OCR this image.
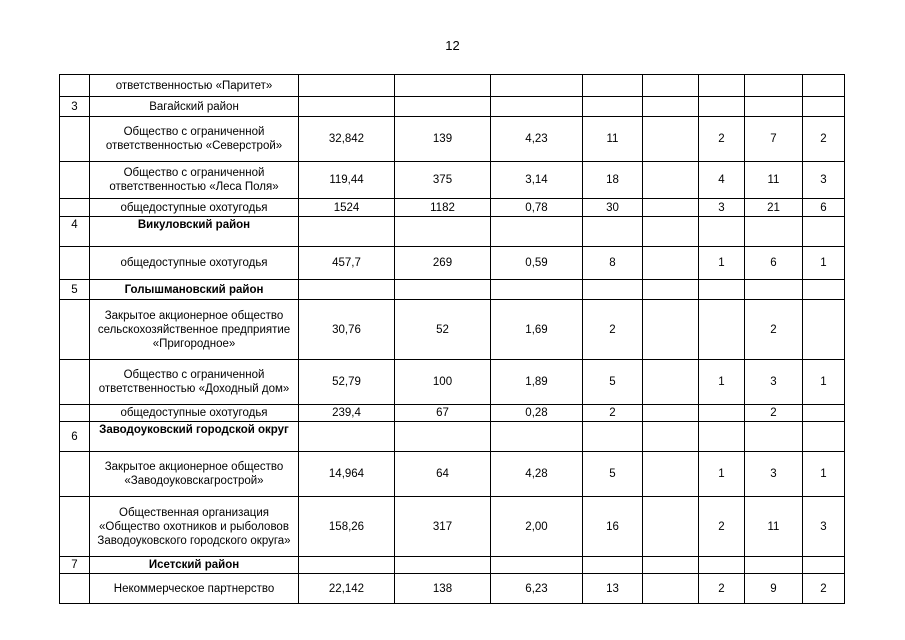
12
	ответственностью «Паритет»								
3	Вагайский район								
	Общество с ограниченной ответственностью «Северстрой»	32,842	139	4,23	11		2	7	2
	Общество с ограниченной ответственностью «Леса Поля»	119,44	375	3,14	18		4	11	3
	общедоступные охотугодья	1524	1182	0,78	30		3	21	6
4	Викуловский район								
	общедоступные охотугодья	457,7	269	0,59	8		1	6	1
5	Голышмановский район								
	Закрытое акционерное общество сельскохозяйственное предприятие «Пригородное»	30,76	52	1,69	2			2	
	Общество с ограниченной ответственностью «Доходный дом»	52,79	100	1,89	5		1	3	1
	общедоступные охотугодья	239,4	67	0,28	2			2	
6	Заводоуковский городской округ								
	Закрытое акционерное общество «Заводоуковскагрострой»	14,964	64	4,28	5		1	3	1
	Общественная организация «Общество охотников и рыболовов Заводоуковского городского округа»	158,26	317	2,00	16		2	11	3
7	Исетский район								
	Некоммерческое партнерство	22,142	138	6,23	13		2	9	2
